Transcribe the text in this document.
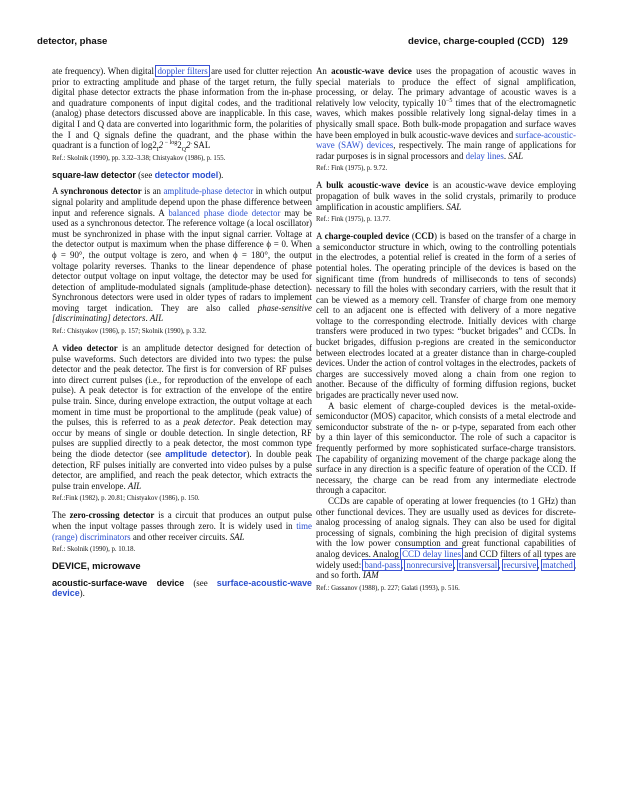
detector, phase	device, charge-coupled (CCD) 129

ate frequency). When digital doppler filters are used for clutter rejection prior to extracting amplitude and phase of the target return, the fully digital phase detector extracts the phase information from the in-phase and quadrature components of input digital codes, and the traditional (analog) phase detectors discussed above are inapplicable. In this case, digital I and Q data are converted into logarithmic form, the polarities of the I and Q signals define the quadrant, and the phase within the quadrant is a function of $\log 2_I2$ $^{- log}2_Q2^.$ SAL

Ref.: Skolnik (1990), pp. 3.32–3.38; Chistyakov (1986), p. 155.

square-law detector (see detector model).

A synchronous detector is an amplitude-phase detector in which output signal polarity and amplitude depend upon the phase difference between input and reference signals. A balanced phase diode detector may be used as a synchronous detector. The reference voltage (a local oscillator) must be synchronized in phase with the input signal carrier. Voltage at the detector output is maximum when the phase difference ϕ = 0. When ϕ = 90°, the output voltage is zero, and when ϕ = 180°, the output voltage polarity reverses. Thanks to the linear dependence of phase detector output voltage on input voltage, the detector may be used for detection of amplitude-modulated signals (amplitude-phase detection). Synchronous detectors were used in older types of radars to implement moving target indication. They are also called phase-sensitive [discriminating] detectors. AIL

Ref.: Chistyakov (1986), p. 157; Skolnik (1990), p. 3.32.

A video detector is an amplitude detector designed for detection of pulse waveforms. Such detectors are divided into two types: the pulse detector and the peak detector. The first is for conversion of RF pulses into direct current pulses (i.e., for reproduction of the envelope of each pulse). A peak detector is for extraction of the envelope of the entire pulse train. Since, during envelope extraction, the output voltage at each moment in time must be proportional to the amplitude (peak value) of the pulses, this is referred to as a peak detector. Peak detection may occur by means of single or double detection. In single detection, RF pulses are supplied directly to a peak detector, the most common type being the diode detector (see amplitude detector). In double peak detection, RF pulses initially are converted into video pulses by a pulse detector, are amplified, and reach the peak detector, which extracts the pulse train envelope. AIL

Ref.:Fink (1982), p. 20.81; Chistyakov (1986), p. 150.

The zero-crossing detector is a circuit that produces an output pulse when the input voltage passes through zero. It is widely used in time (range) discriminators and other receiver circuits. SAL

Ref.: Skolnik (1990), p. 10.18.

DEVICE, microwave

acoustic-surface-wave device (see surface-acoustic-wave device).

An acoustic-wave device uses the propagation of acoustic waves in special materials to produce the effect of signal amplification, processing, or delay. The primary advantage of acoustic waves is a relatively low velocity, typically $10^{-5}$ times that of the electromagnetic waves, which makes possible relatively long signal-delay times in a physically small space. Both bulk-mode propagation and surface waves have been employed in bulk acoustic-wave devices and surface-acoustic-wave (SAW) devices, respectively. The main range of applications for radar purposes is in signal processors and delay lines. SAL

Ref.: Fink (1975), p. 9.72.

A bulk acoustic-wave device is an acoustic-wave device employing propagation of bulk waves in the solid crystals, primarily to produce amplification in acoustic amplifiers. SAL

Ref.: Fink (1975), p. 13.77.

A charge-coupled device (CCD) is based on the transfer of a charge in a semiconductor structure in which, owing to the controlling potentials in the electrodes, a potential relief is created in the form of a series of potential holes. The operating principle of the devices is based on the significant time (from hundreds of milliseconds to tens of seconds) necessary to fill the holes with secondary carriers, with the result that it can be viewed as a memory cell. Transfer of charge from one memory cell to an adjacent one is effected with delivery of a more negative voltage to the corresponding electrode. Initially devices with charge transfers were produced in two types: “bucket brigades” and CCDs. In bucket brigades, diffusion p-regions are created in the semiconductor between electrodes located at a greater distance than in charge-coupled devices. Under the action of control voltages in the electrodes, packets of charges are successively moved along a chain from one region to another. Because of the difficulty of forming diffusion regions, bucket brigades are practically never used now.

A basic element of charge-coupled devices is the metal-oxide-semiconductor (MOS) capacitor, which consists of a metal electrode and semiconductor substrate of the n- or p-type, separated from each other by a thin layer of this semiconductor. The role of such a capacitor is frequently performed by more sophisticated surface-charge transistors. The capability of organizing movement of the charge package along the surface in any direction is a specific feature of operation of the CCD. If necessary, the charge can be read from any intermediate electrode through a capacitor.

CCDs are capable of operating at lower frequencies (to 1 GHz) than other functional devices. They are usually used as devices for discrete-analog processing of analog signals. They can also be used for digital processing of signals, combining the high precision of digital systems with the low power consumption and great functional capabilities of analog devices. Analog CCD delay lines and CCD filters of all types are widely used: band-pass, nonrecursive, transversal, recursive, matched, and so forth. IAM

Ref.: Gassanov (1988), p. 227; Galati (1993), p. 516.
